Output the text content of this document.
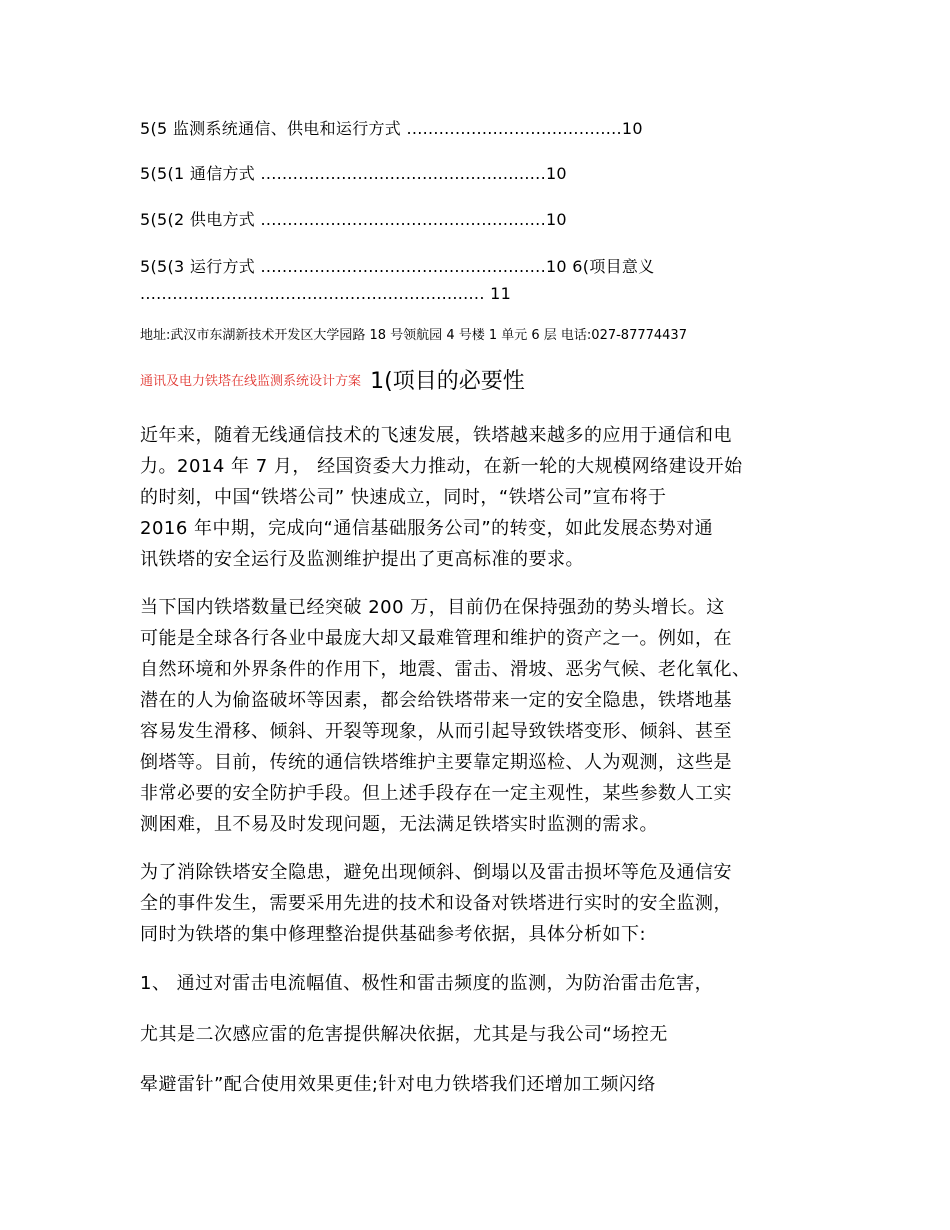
5(5 监测系统通信、供电和运行方式 ........................................10
5(5(1 通信方式 .....................................................10
5(5(2 供电方式 .....................................................10
5(5(3 运行方式 .....................................................10 6(项目意义
................................................................ 11
地址:武汉市东湖新技术开发区大学园路 18 号领航园 4 号楼 1 单元 6 层 电话:027-87774437
通讯及电力铁塔在线监测系统设计方案 1(项目的必要性

近年来，随着无线通信技术的飞速发展，铁塔越来越多的应用于通信和电
力。2014 年 7 月， 经国资委大力推动，在新一轮的大规模网络建设开始
的时刻，中国“铁塔公司” 快速成立，同时，“铁塔公司”宣布将于
2016 年中期，完成向“通信基础服务公司”的转变，如此发展态势对通
讯铁塔的安全运行及监测维护提出了更高标准的要求。

当下国内铁塔数量已经突破 200 万，目前仍在保持强劲的势头增长。这
可能是全球各行各业中最庞大却又最难管理和维护的资产之一。例如，在
自然环境和外界条件的作用下，地震、雷击、滑坡、恶劣气候、老化氧化、
潜在的人为偷盗破坏等因素，都会给铁塔带来一定的安全隐患，铁塔地基
容易发生滑移、倾斜、开裂等现象，从而引起导致铁塔变形、倾斜、甚至
倒塔等。目前，传统的通信铁塔维护主要靠定期巡检、人为观测，这些是
非常必要的安全防护手段。但上述手段存在一定主观性，某些参数人工实
测困难，且不易及时发现问题，无法满足铁塔实时监测的需求。

为了消除铁塔安全隐患，避免出现倾斜、倒塌以及雷击损坏等危及通信安
全的事件发生，需要采用先进的技术和设备对铁塔进行实时的安全监测，
同时为铁塔的集中修理整治提供基础参考依据，具体分析如下:

1、 通过对雷击电流幅值、极性和雷击频度的监测，为防治雷击危害，
尤其是二次感应雷的危害提供解决依据，尤其是与我公司“场控无
晕避雷针”配合使用效果更佳;针对电力铁塔我们还增加工频闪络
